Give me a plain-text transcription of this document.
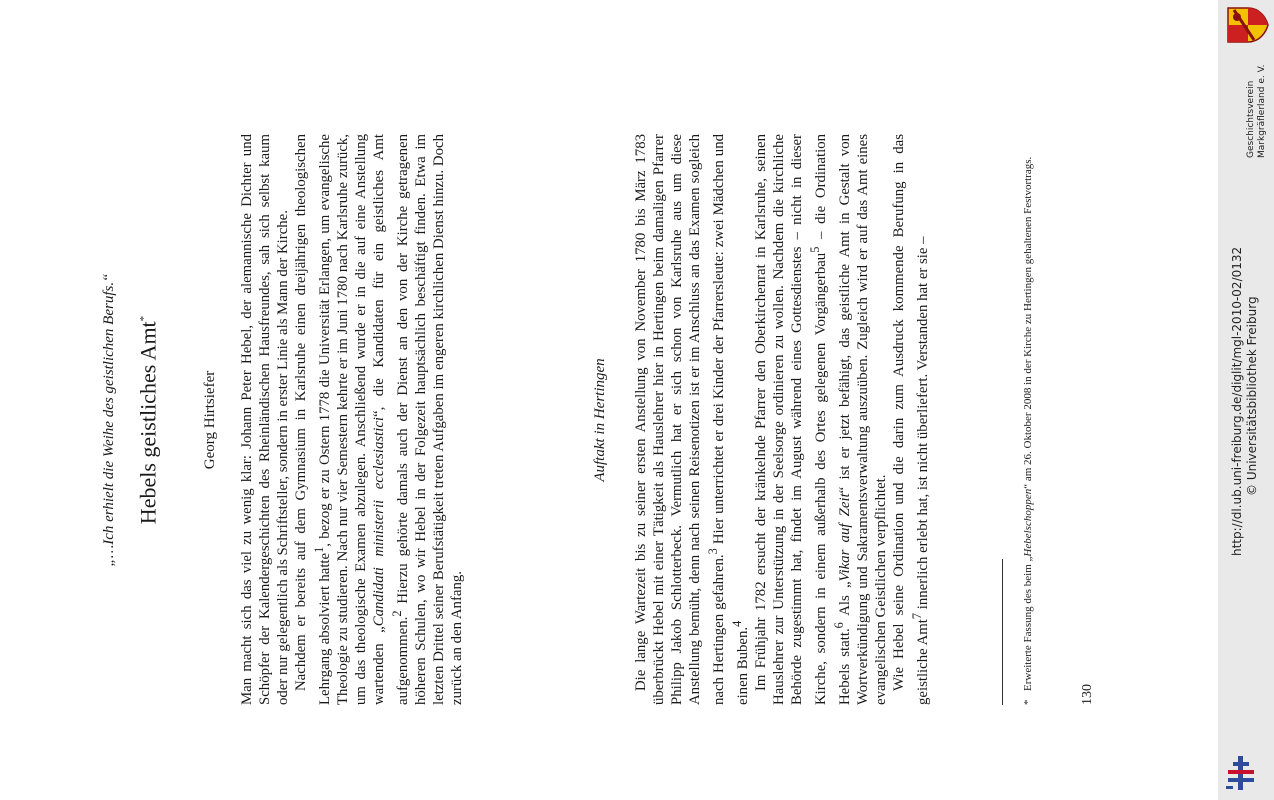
„…Ich erhielt die Weihe des geistlichen Berufs.“ Hebels geistliches Amt*
Georg Hirtsiefer Man macht sich das viel zu wenig klar: Johann Peter Hebel, der alemannische Dichter und Schöpfer der Kalendergeschichten des Rheinländischen Hausfreundes, sah sich selbst kaum oder nur gelegentlich als Schriftsteller, sondern in erster Linie als Mann der Kirche. Nachdem er bereits auf dem Gymnasium in Karlsruhe einen dreijährigen theologischen Lehrgang absolviert hatte$^1$, bezog er zu Ostern 1778 die Universität Erlangen, um evangelische Theologie zu studieren. Nach nur vier Semestern kehrte er im Juni 1780 nach Karlsruhe zurück, um das theologische Examen abzulegen. Anschließend wurde er in die auf eine Anstellung wartenden „Candidati ministerii ecclesiastici“, die Kandidaten für ein geistliches Amt aufgenommen.$^2$ Hierzu gehörte damals auch der Dienst an den von der Kirche getragenen höheren Schulen, wo wir Hebel in der Folgezeit hauptsächlich beschäftigt finden. Etwa im letzten Drittel seiner Berufstätigkeit treten Aufgaben im engeren kirchlichen Dienst hinzu. Doch zurück an den Anfang.

Auftakt in Hertingen Die lange Wartezeit bis zu seiner ersten Anstellung von November 1780 bis März 1783 überbrückt Hebel mit einer Tätigkeit als Hauslehrer hier in Hertingen beim damaligen Pfarrer Philipp Jakob Schlotterbeck. Vermutlich hat er sich schon von Karlsruhe aus um diese Anstellung bemüht, denn nach seinen Reisenotizen ist er im Anschluss an das Examen sogleich nach Hertingen gefahren.$^3$ Hier unterrichtet er drei Kinder der Pfarrersleute: zwei Mädchen und einen Buben.$^4$ Im Frühjahr 1782 ersucht der kränkelnde Pfarrer den Oberkirchenrat in Karlsruhe, seinen Hauslehrer zur Unterstützung in der Seelsorge ordinieren zu wollen. Nachdem die kirchliche Behörde zugestimmt hat, findet im August während eines Gottesdienstes – nicht in dieser Kirche, sondern in einem außerhalb des Ortes gelegenen Vorgängerbau$^5$ – die Ordination Hebels statt.$^6$ Als „Vikar auf Zeit“ ist er jetzt befähigt, das geistliche Amt in Gestalt von Wortverkündigung und Sakramentsverwaltung auszuüben. Zugleich wird er auf das Amt eines evangelischen Geistlichen verpflichtet. Wie Hebel seine Ordination und die darin zum Ausdruck kommende Berufung in das geistliche Amt$^7$ innerlich erlebt hat, ist nicht überliefert. Verstanden hat er sie –

*Erweiterte Fassung des beim „Hebelschoppen“ am 26. Oktober 2008 in der Kirche zu Hertingen gehaltenen Festvortrags.
130
http://dl.ub.uni-freiburg.de/diglit/mgl-2010-02/0132 © Universitätsbibliothek Freiburg
Geschichtsverein Markgräflerland e. V.
